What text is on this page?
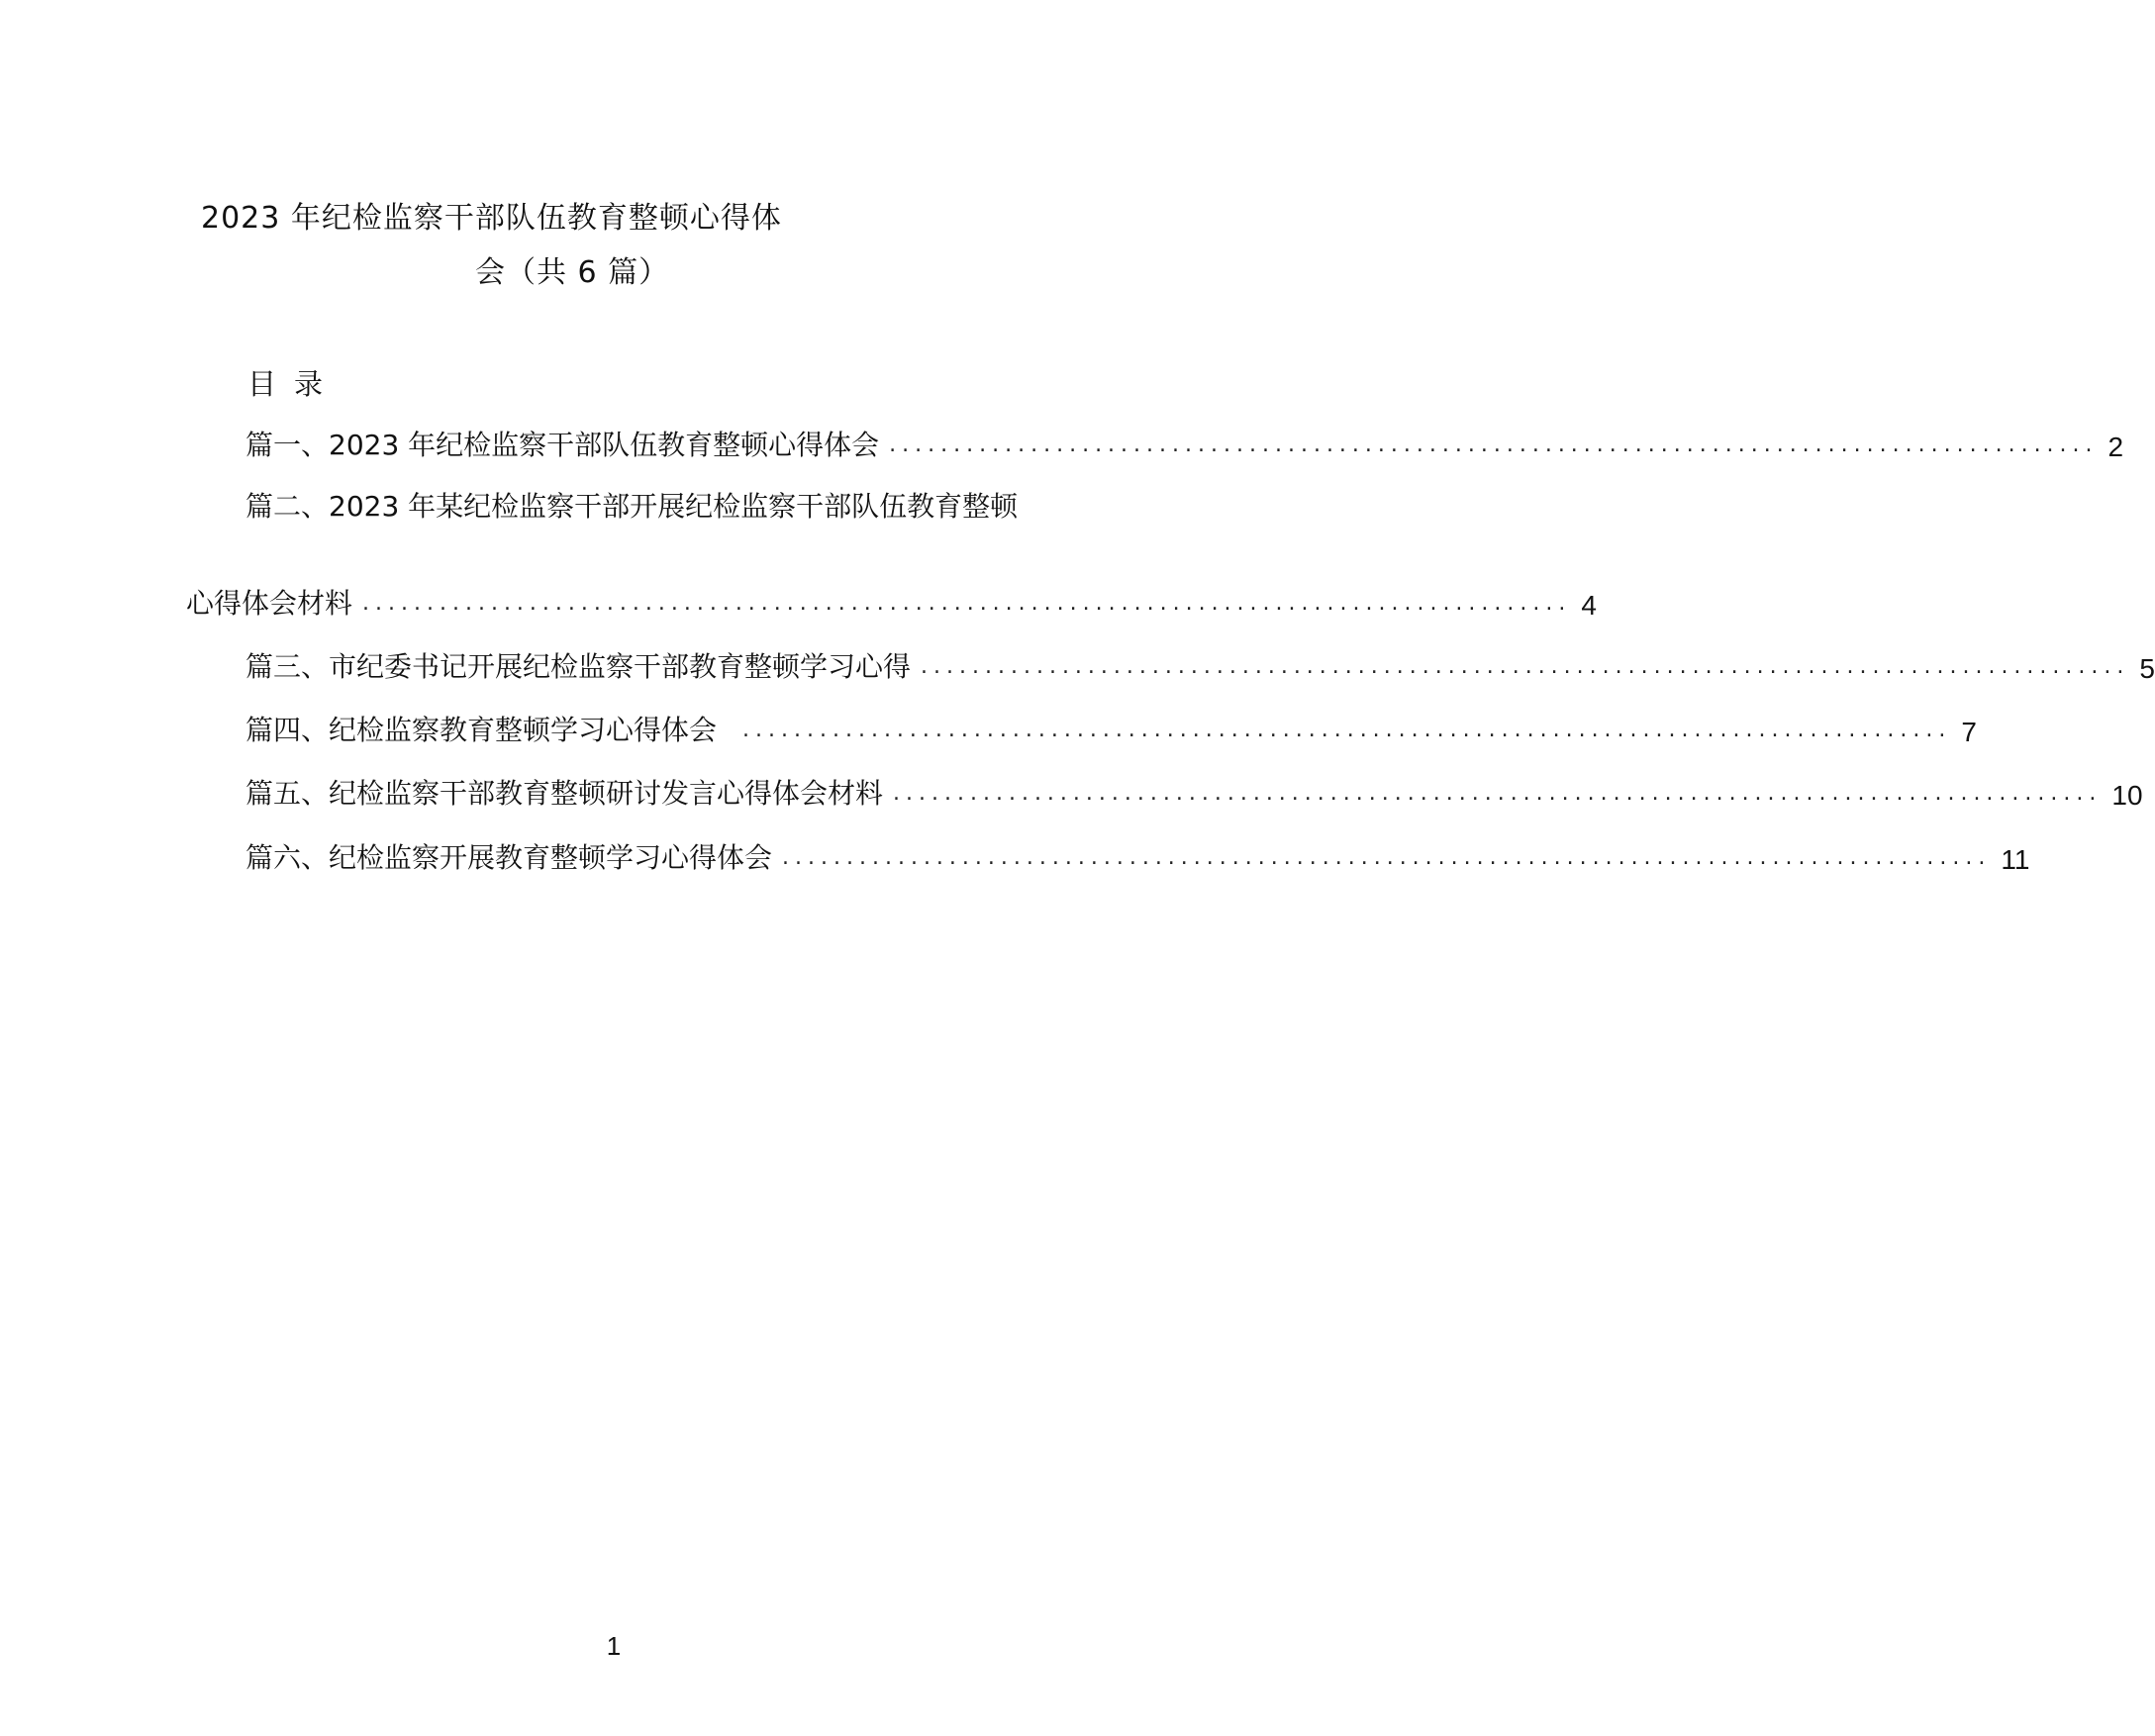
2023 年纪检监察干部队伍教育整顿心得体
会（共 6 篇）
目录
篇一、2023 年纪检监察干部队伍教育整顿心得体会 .............................................................................................. 2
篇二、2023 年某纪检监察干部开展纪检监察干部队伍教育整顿
心得体会材料 .............................................................................................. 4
篇三、市纪委书记开展纪检监察干部教育整顿学习心得 .............................................................................................. 5
篇四、纪检监察教育整顿学习心得体会 .............................................................................................. 7
篇五、纪检监察干部教育整顿研讨发言心得体会材料 .............................................................................................. 10
篇六、纪检监察开展教育整顿学习心得体会 .............................................................................................. 11
1
